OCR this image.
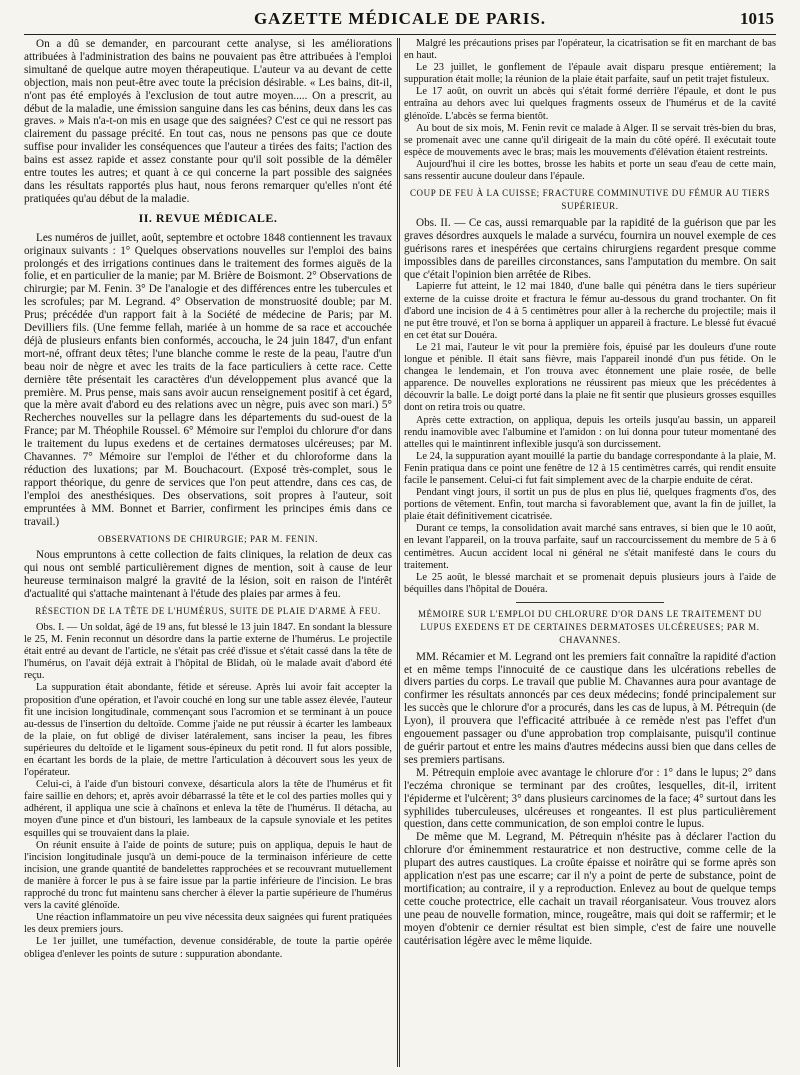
GAZETTE MÉDICALE DE PARIS.	1015

On a dû se demander, en parcourant cette analyse, si les améliorations attribuées à l'administration des bains ne pouvaient pas être attribuées à l'emploi simultané de quelque autre moyen thérapeutique. L'auteur va au devant de cette objection, mais non peut-être avec toute la précision désirable. « Les bains, dit-il, n'ont pas été employés à l'exclusion de tout autre moyen..... On a prescrit, au début de la maladie, une émission sanguine dans les cas bénins, deux dans les cas graves. » Mais n'a-t-on mis en usage que des saignées? C'est ce qui ne ressort pas clairement du passage précité. En tout cas, nous ne pensons pas que ce doute suffise pour invalider les conséquences que l'auteur a tirées des faits; l'action des bains est assez rapide et assez constante pour qu'il soit possible de la démêler entre toutes les autres; et quant à ce qui concerne la part possible des saignées dans les résultats rapportés plus haut, nous ferons remarquer qu'elles n'ont été pratiquées qu'au début de la maladie.

II. REVUE MÉDICALE.

Les numéros de juillet, août, septembre et octobre 1848 contiennent les travaux originaux suivants : 1° Quelques observations nouvelles sur l'emploi des bains prolongés et des irrigations continues dans le traitement des formes aiguës de la folie, et en particulier de la manie; par M. Brière de Boismont. 2° Observations de chirurgie; par M. Fenin. 3° De l'analogie et des différences entre les tubercules et les scrofules; par M. Legrand. 4° Observation de monstruosité double; par M. Prus; précédée d'un rapport fait à la Société de médecine de Paris; par M. Devilliers fils. (Une femme fellah, mariée à un homme de sa race et accouchée déjà de plusieurs enfants bien conformés, accoucha, le 24 juin 1847, d'un enfant mort-né, offrant deux têtes; l'une blanche comme le reste de la peau, l'autre d'un beau noir de nègre et avec les traits de la face particuliers à cette race. Cette dernière tête présentait les caractères d'un développement plus avancé que la première. M. Prus pense, mais sans avoir aucun renseignement positif à cet égard, que la mère avait d'abord eu des relations avec un nègre, puis avec son mari.) 5° Recherches nouvelles sur la pellagre dans les départements du sud-ouest de la France; par M. Théophile Roussel. 6° Mémoire sur l'emploi du chlorure d'or dans le traitement du lupus exedens et de certaines dermatoses ulcéreuses; par M. Chavannes. 7° Mémoire sur l'emploi de l'éther et du chloroforme dans la réduction des luxations; par M. Bouchacourt. (Exposé très-complet, sous le rapport théorique, du genre de services que l'on peut attendre, dans ces cas, de l'emploi des anesthésiques. Des observations, soit propres à l'auteur, soit empruntées à MM. Bonnet et Barrier, confirment les principes émis dans ce travail.)

OBSERVATIONS DE CHIRURGIE; PAR M. FENIN.

Nous empruntons à cette collection de faits cliniques, la relation de deux cas qui nous ont semblé particulièrement dignes de mention, soit à cause de leur heureuse terminaison malgré la gravité de la lésion, soit en raison de l'intérêt d'actualité qui s'attache maintenant à l'étude des plaies par armes à feu.

RÉSECTION DE LA TÊTE DE L'HUMÉRUS, SUITE DE PLAIE D'ARME À FEU.

Obs. I. — Un soldat, âgé de 19 ans, fut blessé le 13 juin 1847. En sondant la blessure le 25, M. Fenin reconnut un désordre dans la partie externe de l'humérus. Le projectile était entré au devant de l'article, ne s'était pas créé d'issue et s'était cassé dans la tête de l'humérus, on l'avait déjà extrait à l'hôpital de Blidah, où le malade avait d'abord été reçu.

La suppuration était abondante, fétide et séreuse. Après lui avoir fait accepter la proposition d'une opération, et l'avoir couché en long sur une table assez élevée, l'auteur fit une incision longitudinale, commençant sous l'acromion et se terminant à un pouce au-dessus de l'insertion du deltoïde. Comme j'aide ne put réussir à écarter les lambeaux de la plaie, on fut obligé de diviser latéralement, sans inciser la peau, les fibres supérieures du deltoïde et le ligament sous-épineux du petit rond. Il fut alors possible, en écartant les bords de la plaie, de mettre l'articulation à découvert sous les yeux de l'opérateur.

Celui-ci, à l'aide d'un bistouri convexe, désarticula alors la tête de l'humérus et fit faire saillie en dehors; et, après avoir débarrassé la tête et le col des parties molles qui y adhérent, il appliqua une scie à chaînons et enleva la tête de l'humérus. Il détacha, au moyen d'une pince et d'un bistouri, les lambeaux de la capsule synoviale et les petites esquilles qui se trouvaient dans la plaie.

On réunit ensuite à l'aide de points de suture; puis on appliqua, depuis le haut de l'incision longitudinale jusqu'à un demi-pouce de la terminaison inférieure de cette incision, une grande quantité de bandelettes rapprochées et se recouvrant mutuellement de manière à forcer le pus à se faire issue par la partie inférieure de l'incision. Le bras rapproché du tronc fut maintenu sans chercher à élever la partie supérieure de l'humérus vers la cavité glénoïde.

Une réaction inflammatoire un peu vive nécessita deux saignées qui furent pratiquées les deux premiers jours.

Le 1er juillet, une tuméfaction, devenue considérable, de toute la partie opérée obligea d'enlever les points de suture : suppuration abondante.

Malgré les précautions prises par l'opérateur, la cicatrisation se fit en marchant de bas en haut.

Le 23 juillet, le gonflement de l'épaule avait disparu presque entièrement; la suppuration était molle; la réunion de la plaie était parfaite, sauf un petit trajet fistuleux.

Le 17 août, on ouvrit un abcès qui s'était formé derrière l'épaule, et dont le pus entraîna au dehors avec lui quelques fragments osseux de l'humérus et de la cavité glénoïde. L'abcès se ferma bientôt.

Au bout de six mois, M. Fenin revit ce malade à Alger. Il se servait très-bien du bras, se promenait avec une canne qu'il dirigeait de la main du côté opéré. Il exécutait toute espèce de mouvements avec le bras; mais les mouvements d'élévation étaient restreints.

Aujourd'hui il cire les bottes, brosse les habits et porte un seau d'eau de cette main, sans ressentir aucune douleur dans l'épaule.

COUP DE FEU À LA CUISSE; FRACTURE COMMINUTIVE DU FÉMUR AU TIERS SUPÉRIEUR.

Obs. II. — Ce cas, aussi remarquable par la rapidité de la guérison que par les graves désordres auxquels le malade a survécu, fournira un nouvel exemple de ces guérisons rares et inespérées que certains chirurgiens regardent presque comme impossibles dans de pareilles circonstances, sans l'amputation du membre. On sait que c'était l'opinion bien arrêtée de Ribes.

Lapierre fut atteint, le 12 mai 1840, d'une balle qui pénétra dans le tiers supérieur externe de la cuisse droite et fractura le fémur au-dessous du grand trochanter. On fit d'abord une incision de 4 à 5 centimètres pour aller à la recherche du projectile; mais il ne put être trouvé, et l'on se borna à appliquer un appareil à fracture. Le blessé fut évacué en cet état sur Douéra.

Le 21 mai, l'auteur le vit pour la première fois, épuisé par les douleurs d'une route longue et pénible. Il était sans fièvre, mais l'appareil inondé d'un pus fétide. On le changea le lendemain, et l'on trouva avec étonnement une plaie rosée, de belle apparence. De nouvelles explorations ne réussirent pas mieux que les précédentes à découvrir la balle. Le doigt porté dans la plaie ne fit sentir que plusieurs grosses esquilles dont on retira trois ou quatre.

Après cette extraction, on appliqua, depuis les orteils jusqu'au bassin, un appareil rendu inamovible avec l'albumine et l'amidon : on lui donna pour tuteur momentané des attelles qui le maintinrent inflexible jusqu'à son durcissement.

Le 24, la suppuration ayant mouillé la partie du bandage correspondante à la plaie, M. Fenin pratiqua dans ce point une fenêtre de 12 à 15 centimètres carrés, qui rendit ensuite facile le pansement. Celui-ci fut fait simplement avec de la charpie enduite de cérat.

Pendant vingt jours, il sortit un pus de plus en plus lié, quelques fragments d'os, des portions de vêtement. Enfin, tout marcha si favorablement que, avant la fin de juillet, la plaie était définitivement cicatrisée.

Durant ce temps, la consolidation avait marché sans entraves, si bien que le 10 août, en levant l'appareil, on la trouva parfaite, sauf un raccourcissement du membre de 5 à 6 centimètres. Aucun accident local ni général ne s'était manifesté dans le cours du traitement.

Le 25 août, le blessé marchait et se promenait depuis plusieurs jours à l'aide de béquilles dans l'hôpital de Douéra.

MÉMOIRE SUR L'EMPLOI DU CHLORURE D'OR DANS LE TRAITEMENT DU LUPUS EXEDENS ET DE CERTAINES DERMATOSES ULCÉREUSES; PAR M. CHAVANNES.

MM. Récamier et M. Legrand ont les premiers fait connaître la rapidité d'action et en même temps l'innocuité de ce caustique dans les ulcérations rebelles de divers parties du corps. Le travail que publie M. Chavannes aura pour avantage de confirmer les résultats annoncés par ces deux médecins; fondé principalement sur les succès que le chlorure d'or a procurés, dans les cas de lupus, à M. Pétrequin (de Lyon), il prouvera que l'efficacité attribuée à ce remède n'est pas l'effet d'un engouement passager ou d'une approbation trop complaisante, puisqu'il continue de guérir partout et entre les mains d'autres médecins aussi bien que dans celles de ses premiers partisans.

M. Pétrequin emploie avec avantage le chlorure d'or : 1° dans le lupus; 2° dans l'eczéma chronique se terminant par des croûtes, lesquelles, dit-il, irritent l'épiderme et l'ulcèrent; 3° dans plusieurs carcinomes de la face; 4° surtout dans les syphilides tuberculeuses, ulcéreuses et rongeantes. Il est plus particulièrement question, dans cette communication, de son emploi contre le lupus.

De même que M. Legrand, M. Pétrequin n'hésite pas à déclarer l'action du chlorure d'or éminemment restauratrice et non destructive, comme celle de la plupart des autres caustiques. La croûte épaisse et noirâtre qui se forme après son application n'est pas une escarre; car il n'y a point de perte de substance, point de mortification; au contraire, il y a reproduction. Enlevez au bout de quelque temps cette couche protectrice, elle cachait un travail réorganisateur. Vous trouvez alors une peau de nouvelle formation, mince, rougeâtre, mais qui doit se raffermir; et le moyen d'obtenir ce dernier résultat est bien simple, c'est de faire une nouvelle cautérisation légère avec le même liquide.
